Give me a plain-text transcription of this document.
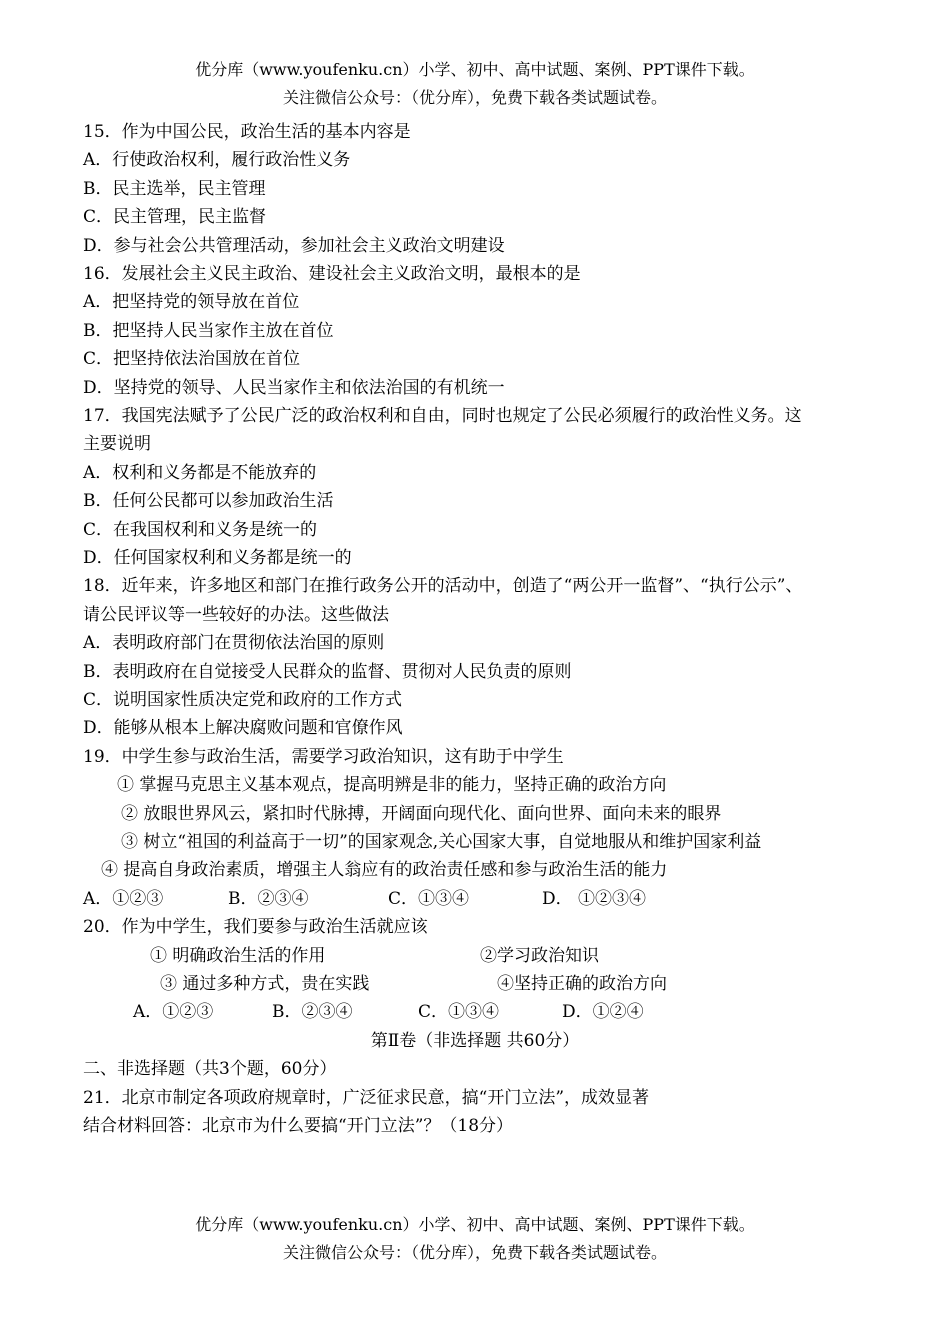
优分库（www.youfenku.cn）小学、初中、高中试题、案例、PPT课件下载。
关注微信公众号：（优分库），免费下载各类试题试卷。
15．作为中国公民，政治生活的基本内容是
A．行使政治权利，履行政治性义务
B．民主选举，民主管理
C．民主管理，民主监督
D．参与社会公共管理活动，参加社会主义政治文明建设
16．发展社会主义民主政治、建设社会主义政治文明，最根本的是
A．把坚持党的领导放在首位
B．把坚持人民当家作主放在首位
C．把坚持依法治国放在首位
D．坚持党的领导、人民当家作主和依法治国的有机统一
17．我国宪法赋予了公民广泛的政治权利和自由，同时也规定了公民必须履行的政治性义务。这
主要说明
A．权利和义务都是不能放弃的
B．任何公民都可以参加政治生活
C．在我国权利和义务是统一的
D．任何国家权利和义务都是统一的
18．近年来，许多地区和部门在推行政务公开的活动中，创造了“两公开一监督”、“执行公示”、
请公民评议等一些较好的办法。这些做法
A．表明政府部门在贯彻依法治国的原则
B．表明政府在自觉接受人民群众的监督、贯彻对人民负责的原则
C．说明国家性质决定党和政府的工作方式
D．能够从根本上解决腐败问题和官僚作风
19．中学生参与政治生活，需要学习政治知识，这有助于中学生
① 掌握马克思主义基本观点，提高明辨是非的能力，坚持正确的政治方向
② 放眼世界风云，紧扣时代脉搏，开阔面向现代化、面向世界、面向未来的眼界
③ 树立“祖国的利益高于一切”的国家观念,关心国家大事，自觉地服从和维护国家利益
④ 提高自身政治素质，增强主人翁应有的政治责任感和参与政治生活的能力
A．①②③	B．②③④	C．①③④	D． ①②③④
20．作为中学生，我们要参与政治生活就应该
① 明确政治生活的作用	②学习政治知识
③ 通过多种方式，贵在实践	④坚持正确的政治方向
A．①②③	B．②③④	C．①③④	D．①②④
第Ⅱ卷（非选择题 共60分）
二、非选择题（共3个题，60分）
21．北京市制定各项政府规章时，广泛征求民意，搞“开门立法”，成效显著
结合材料回答：北京市为什么要搞“开门立法”？（18分）
优分库（www.youfenku.cn）小学、初中、高中试题、案例、PPT课件下载。
关注微信公众号：（优分库），免费下载各类试题试卷。
